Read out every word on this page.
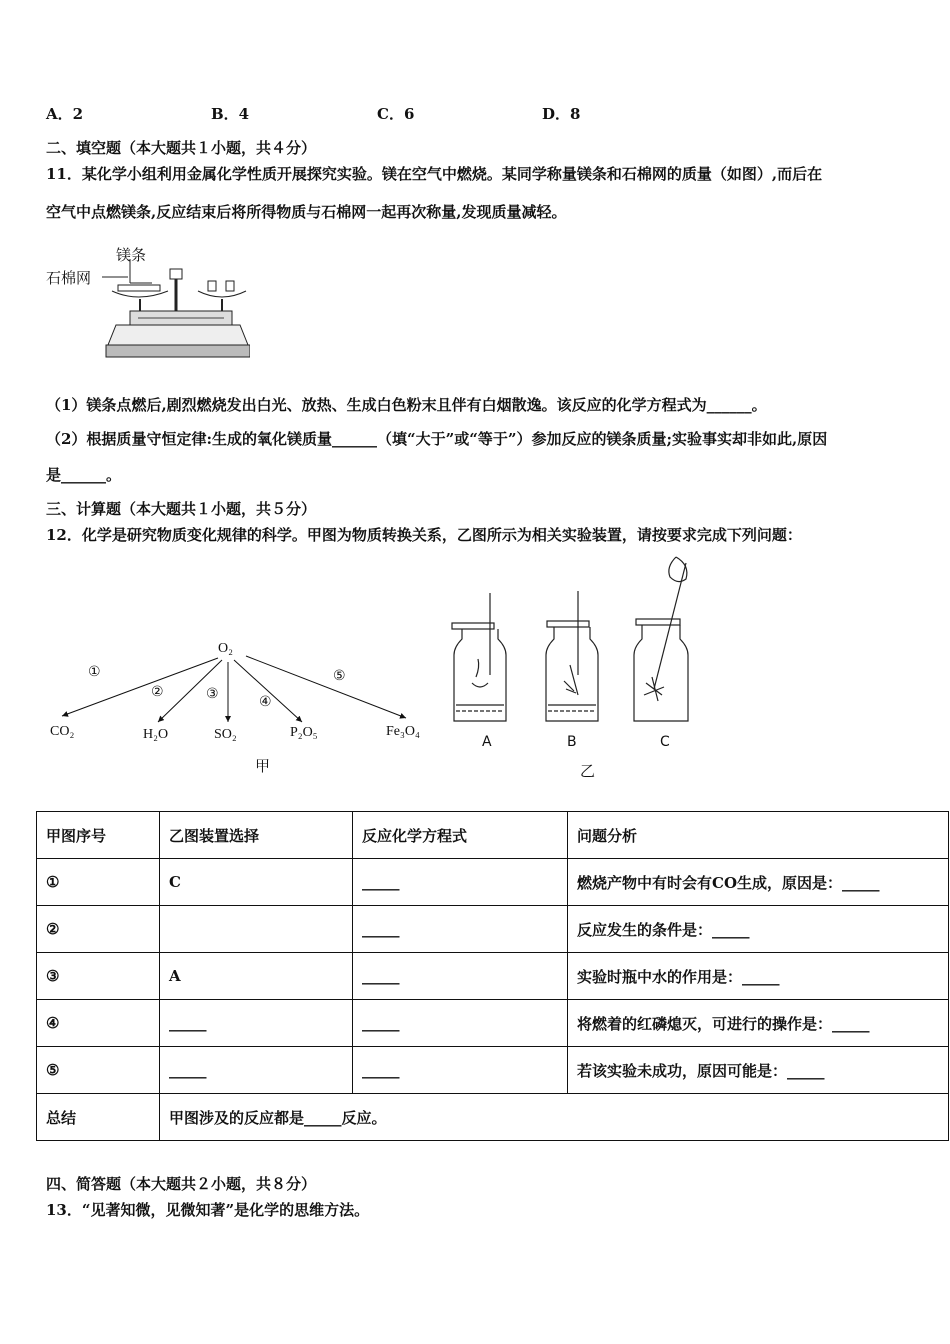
A．2	B．4	C．6	D．8
二、填空题（本大题共１小题，共４分）
11．某化学小组利用金属化学性质开展探究实验。镁在空气中燃烧。某同学称量镁条和石棉网的质量（如图）,而后在
空气中点燃镁条,反应结束后将所得物质与石棉网一起再次称量,发现质量减轻。
镁条
石棉网
（1）镁条点燃后,剧烈燃烧发出白光、放热、生成白色粉末且伴有白烟散逸。该反应的化学方程式为______。
（2）根据质量守恒定律:生成的氧化镁质量______（填“大于”或“等于”）参加反应的镁条质量;实验事实却非如此,原因
是______。
三、计算题（本大题共１小题，共５分）
12．化学是研究物质变化规律的科学。甲图为物质转换关系，乙图所示为相关实验装置，请按要求完成下列问题：
O₂
①
②	③	④
⑤
CO₂	H₂O	SO₂	P₂O₅	Fe₃O₄
甲
A	B	C
乙
甲图序号	乙图装置选择	反应化学方程式	问题分析
①	C	_____	燃烧产物中有时会有CO生成，原因是：_____
②		_____	反应发生的条件是：_____
③	A	_____	实验时瓶中水的作用是：_____
④	_____	_____	将燃着的红磷熄灭，可进行的操作是：_____
⑤	_____	_____	若该实验未成功，原因可能是：_____
总结	甲图涉及的反应都是_____反应。		
四、简答题（本大题共２小题，共８分）
13．“见著知微，见微知著”是化学的思维方法。
